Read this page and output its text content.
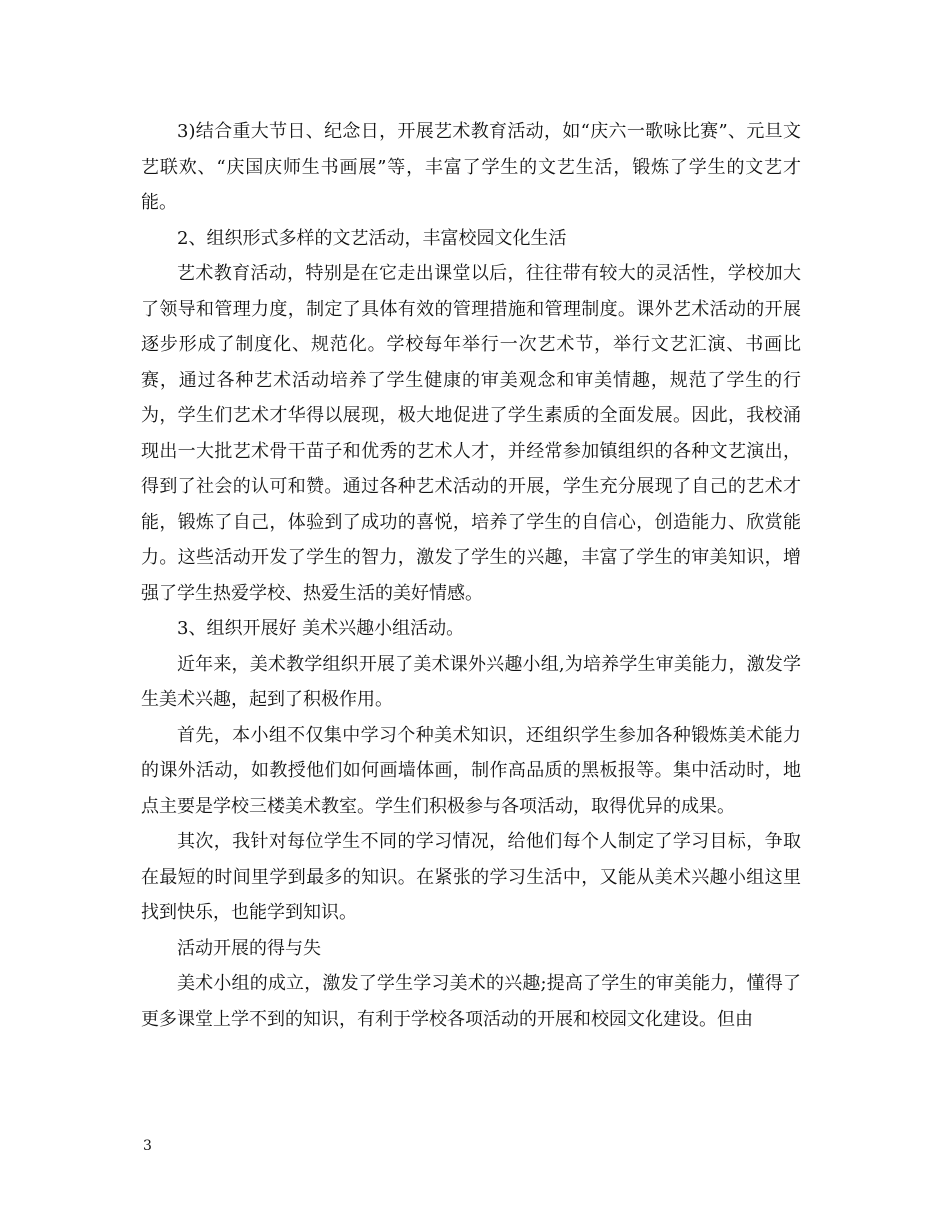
3)结合重大节日、纪念日，开展艺术教育活动，如“庆六一歌咏比赛”、元旦文艺联欢、“庆国庆师生书画展”等，丰富了学生的文艺生活，锻炼了学生的文艺才能。

2、组织形式多样的文艺活动，丰富校园文化生活

艺术教育活动，特别是在它走出课堂以后，往往带有较大的灵活性，学校加大了领导和管理力度，制定了具体有效的管理措施和管理制度。课外艺术活动的开展逐步形成了制度化、规范化。学校每年举行一次艺术节，举行文艺汇演、书画比赛，通过各种艺术活动培养了学生健康的审美观念和审美情趣，规范了学生的行为，学生们艺术才华得以展现，极大地促进了学生素质的全面发展。因此，我校涌现出一大批艺术骨干苗子和优秀的艺术人才，并经常参加镇组织的各种文艺演出，得到了社会的认可和赞。通过各种艺术活动的开展，学生充分展现了自己的艺术才能，锻炼了自己，体验到了成功的喜悦，培养了学生的自信心，创造能力、欣赏能力。这些活动开发了学生的智力，激发了学生的兴趣，丰富了学生的审美知识，增强了学生热爱学校、热爱生活的美好情感。

3、组织开展好 美术兴趣小组活动。

近年来，美术教学组织开展了美术课外兴趣小组,为培养学生审美能力，激发学生美术兴趣，起到了积极作用。

首先，本小组不仅集中学习个种美术知识，还组织学生参加各种锻炼美术能力的课外活动，如教授他们如何画墙体画，制作高品质的黑板报等。集中活动时，地点主要是学校三楼美术教室。学生们积极参与各项活动，取得优异的成果。

其次，我针对每位学生不同的学习情况，给他们每个人制定了学习目标，争取在最短的时间里学到最多的知识。在紧张的学习生活中，又能从美术兴趣小组这里找到快乐，也能学到知识。

活动开展的得与失

美术小组的成立，激发了学生学习美术的兴趣;提高了学生的审美能力，懂得了更多课堂上学不到的知识，有利于学校各项活动的开展和校园文化建设。但由

3
